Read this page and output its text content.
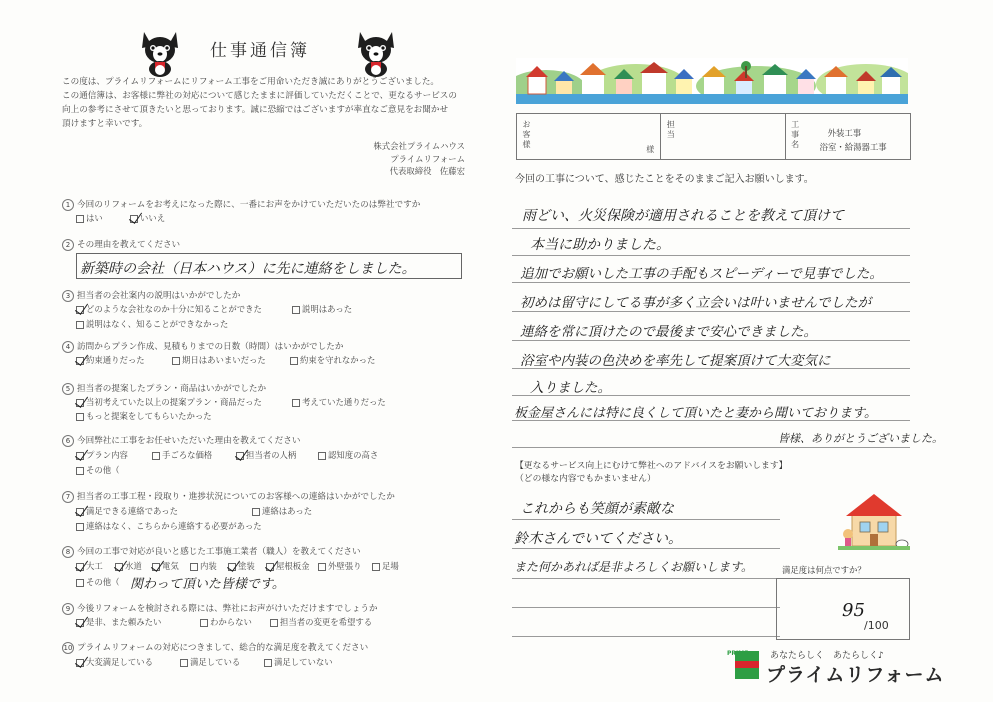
仕事通信簿
この度は、プライムリフォームにリフォーム工事をご用命いただき誠にありがとうございました。
この通信簿は、お客様に弊社の対応について感じたままに評価していただくことで、更なるサービスの
向上の参考にさせて頂きたいと思っております。誠に恐縮ではございますが率直なご意見をお聞かせ
頂けますと幸いです。
株式会社プライムハウス
プライムリフォーム
代表取締役　佐藤宏
1 今回のリフォームをお考えになった際に、一番にお声をかけていただいたのは弊社ですか
はい	いいえ
2 その理由を教えてください
新築時の会社（日本ハウス）に先に連絡をしました。
3 担当者の会社案内の説明はいかがでしたか
どのような会社なのか十分に知ることができた	説明はあった
説明はなく、知ることができなかった
4 訪問からプラン作成、見積もりまでの日数（時間）はいかがでしたか
約束通りだった	期日はあいまいだった	約束を守れなかった
5 担当者の提案したプラン・商品はいかがでしたか
当初考えていた以上の提案プラン・商品だった	考えていた通りだった
もっと提案をしてもらいたかった
6 今回弊社に工事をお任せいただいた理由を教えてください
プラン内容	手ごろな価格	担当者の人柄	認知度の高さ
その他（
7 担当者の工事工程・段取り・進捗状況についてのお客様への連絡はいかがでしたか
満足できる連絡であった	連絡はあった
連絡はなく、こちらから連絡する必要があった
8 今回の工事で対応が良いと感じた工事施工業者（職人）を教えてください
大工	水道	電気	内装	塗装	屋根板金	外壁張り	足場
その他（ 関わって頂いた皆様です。
9 今後リフォームを検討される際には、弊社にお声がけいただけますでしょうか
是非、また頼みたい	わからない	担当者の変更を希望する
10 プライムリフォームの対応につきまして、総合的な満足度を教えてください
大変満足している	満足している	満足していない
お客様	様
担当	工事名	外装工事
浴室・給湯器工事
今回の工事について、感じたことをそのままご記入お願いします。
雨どい、火災保険が適用されることを教えて頂けて
本当に助かりました。
追加でお願いした工事の手配もスピーディーで見事でした。
初めは留守にしてる事が多く立会いは叶いませんでしたが
連絡を常に頂けたので最後まで安心できました。
浴室や内装の色決めを率先して提案頂けて大変気に
入りました。
板金屋さんには特に良くして頂いたと妻から聞いております。
皆様、ありがとうございました。
【更なるサービス向上にむけて弊社へのアドバイスをお願いします】
（どの様な内容でもかまいません）
これからも笑顔が素敵な
鈴木さんでいてください。
また何かあれば是非よろしくお願いします。	満足度は何点ですか？
95
/100
PRIME あなたらしく　あたらしく♪
プライムリフォーム
